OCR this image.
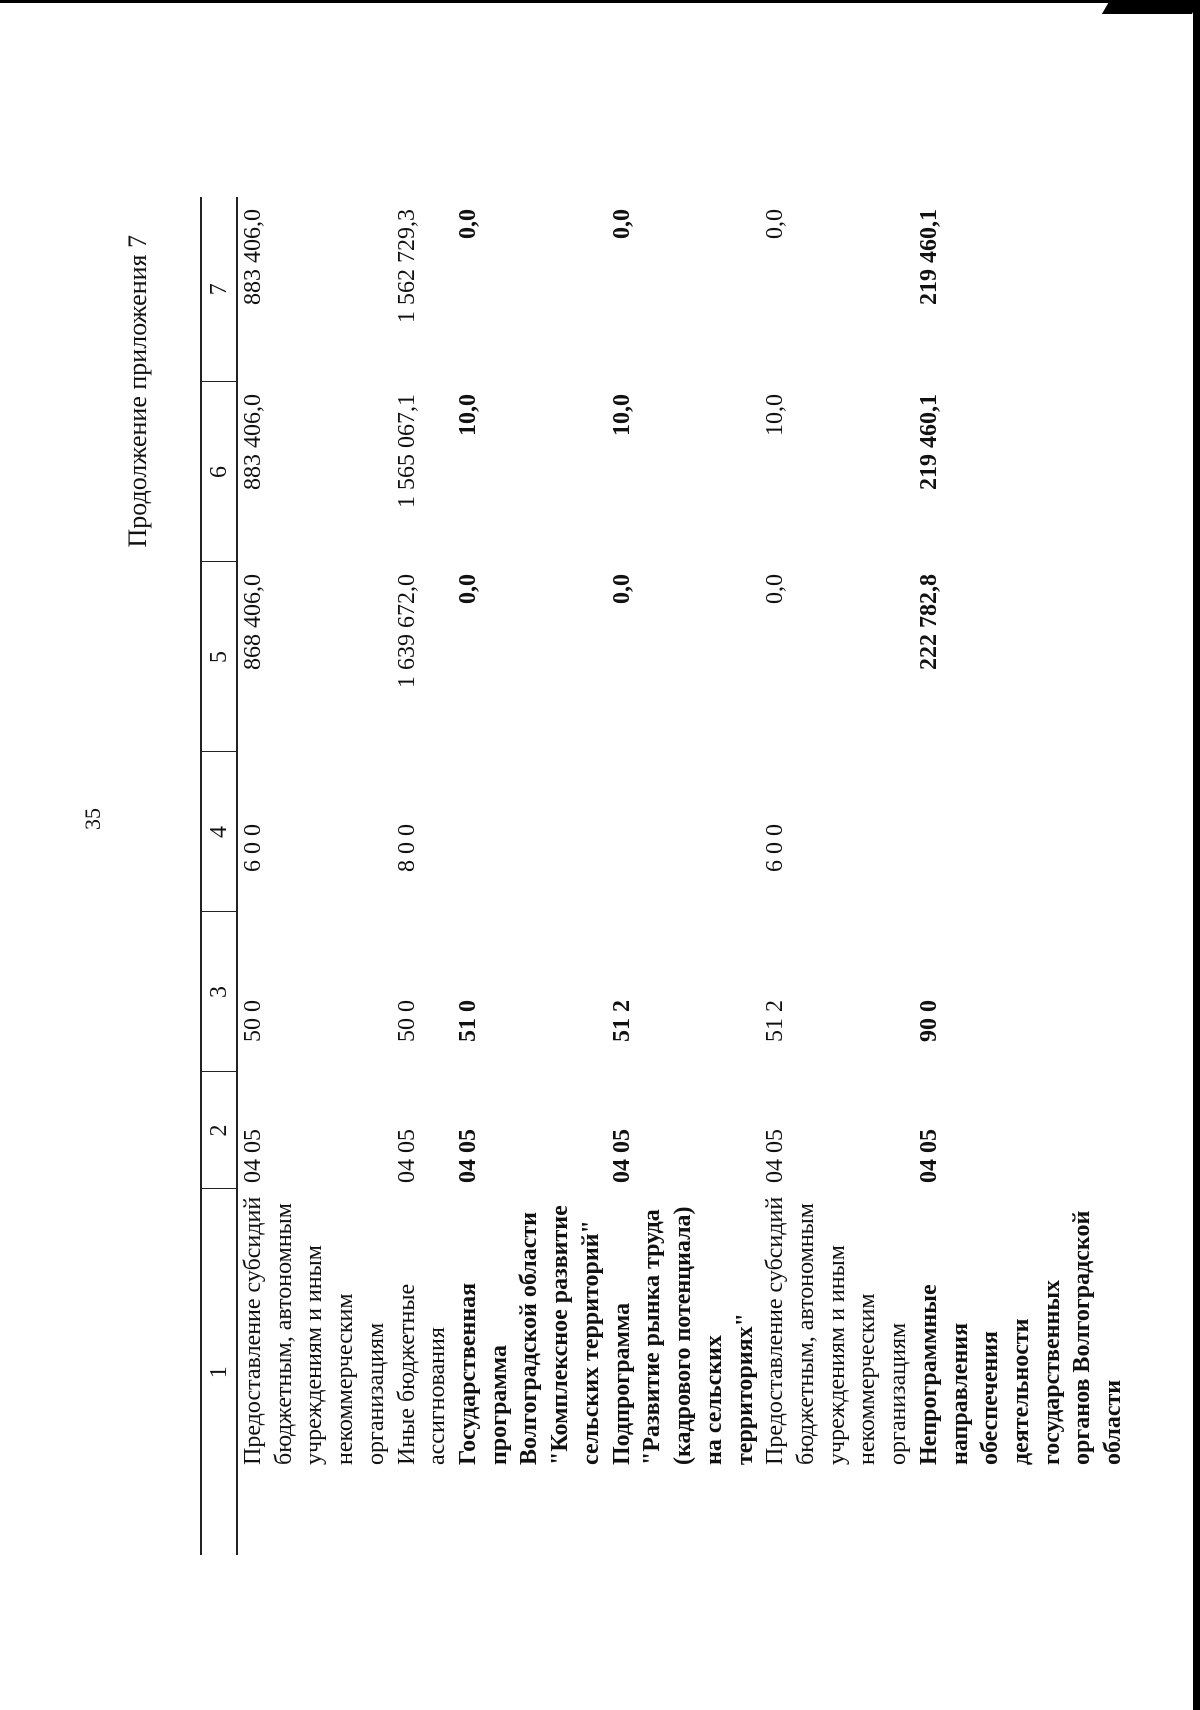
35
Продолжение приложения 7
1	2	3	4	5	6	7
Предоставление субсидий бюджетным, автономным учреждениям и иным некоммерческим организациям	04 05	50 0	6 0 0	868 406,0	883 406,0	883 406,0
Иные бюджетные ассигнования	04 05	50 0	8 0 0	1 639 672,0	1 565 067,1	1 562 729,3
Государственная программа Волгоградской области "Комплексное развитие сельских территорий"	04 05	51 0		0,0	10,0	0,0
Подпрограмма "Развитие рынка труда (кадрового потенциала) на сельских территориях"	04 05	51 2		0,0	10,0	0,0
Предоставление субсидий бюджетным, автономным учреждениям и иным некоммерческим организациям	04 05	51 2	6 0 0	0,0	10,0	0,0
Непрограммные направления обеспечения деятельности государственных органов Волгоградской области	04 05	90 0		222 782,8	219 460,1	219 460,1
